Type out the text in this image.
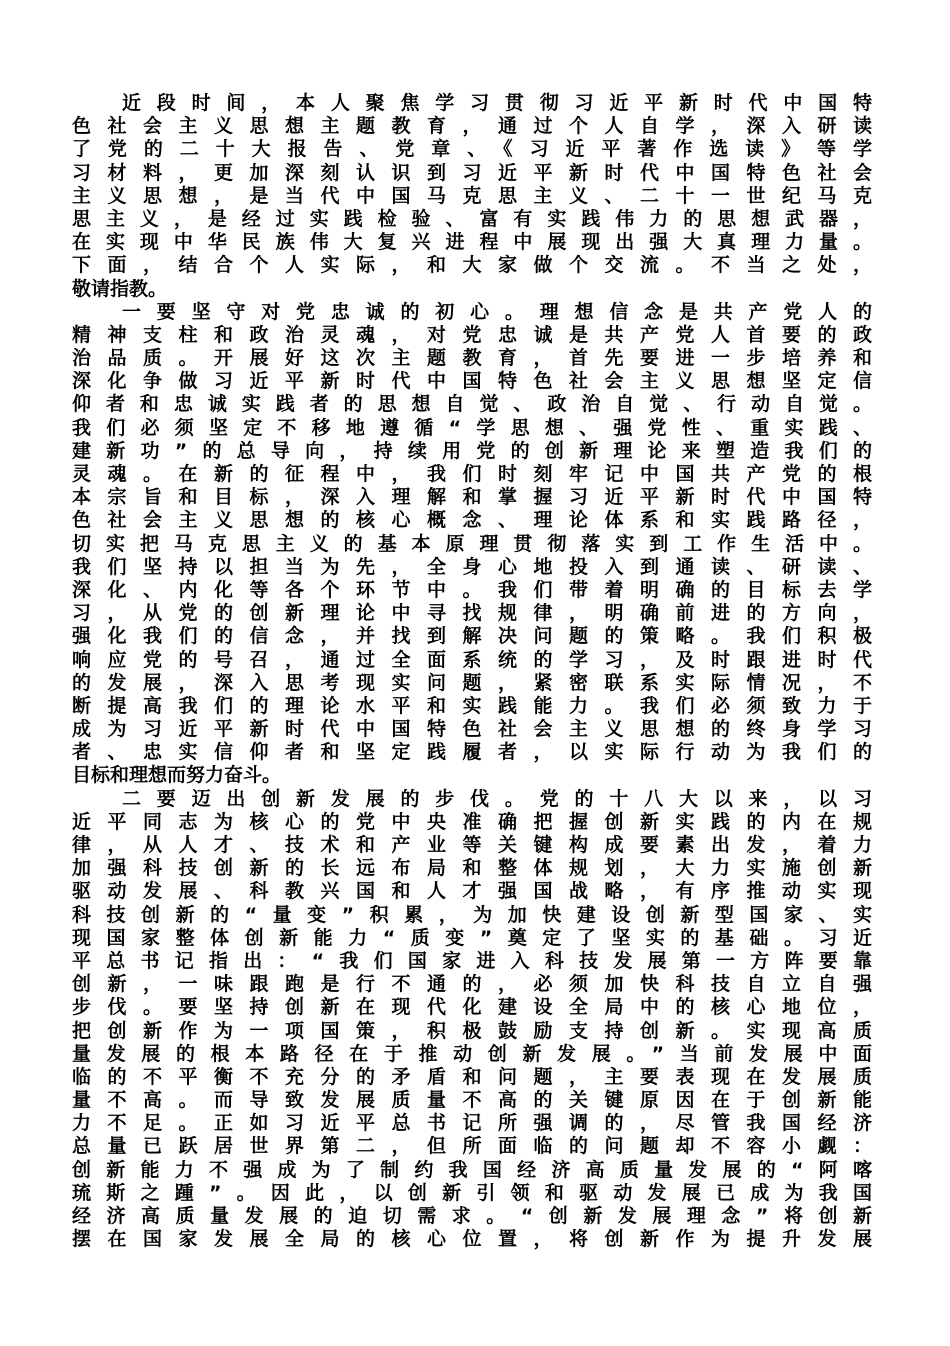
近段时间，本人聚焦学习贯彻习近平新时代中国特
色社会主义思想主题教育，通过个人自学，深入研读
了党的二十大报告、党章、《习近平著作选读》等学
习材料，更加深刻认识到习近平新时代中国特色社会
主义思想，是当代中国马克思主义、二十一世纪马克
思主义，是经过实践检验、富有实践伟力的思想武器，
在实现中华民族伟大复兴进程中展现出强大真理力量。
下面，结合个人实际，和大家做个交流。不当之处，
敬请指教。
一要坚守对党忠诚的初心。理想信念是共产党人的
精神支柱和政治灵魂，对党忠诚是共产党人首要的政
治品质。开展好这次主题教育，首先要进一步培养和
深化争做习近平新时代中国特色社会主义思想坚定信
仰者和忠诚实践者的思想自觉、政治自觉、行动自觉。
我们必须坚定不移地遵循“学思想、强党性、重实践、
建新功”的总导向，持续用党的创新理论来塑造我们的
灵魂。在新的征程中，我们时刻牢记中国共产党的根
本宗旨和目标，深入理解和掌握习近平新时代中国特
色社会主义思想的核心概念、理论体系和实践路径，
切实把马克思主义的基本原理贯彻落实到工作生活中。
我们坚持以担当为先，全身心地投入到通读、研读、
深化、内化等各个环节中。我们带着明确的目标去学
习，从党的创新理论中寻找规律，明确前进的方向，
强化我们的信念，并找到解决问题的策略。我们积极
响应党的号召，通过全面系统的学习，及时跟进时代
的发展，深入思考现实问题，紧密联系实际情况，不
断提高我们的理论水平和实践能力。我们必须致力于
成为习近平新时代中国特色社会主义思想的终身学习
者、忠实信仰者和坚定践履者，以实际行动为我们的
目标和理想而努力奋斗。
二要迈出创新发展的步伐。党的十八大以来，以习
近平同志为核心的党中央准确把握创新实践的内在规
律，从人才、技术和产业等关键构成要素出发，着力
加强科技创新的长远布局和整体规划，大力实施创新
驱动发展、科教兴国和人才强国战略，有序推动实现
科技创新的“量变”积累，为加快建设创新型国家、实
现国家整体创新能力“质变”奠定了坚实的基础。习近
平总书记指出：“我们国家进入科技发展第一方阵要靠
创新，一味跟跑是行不通的，必须加快科技自立自强
步伐。要坚持创新在现代化建设全局中的核心地位，
把创新作为一项国策，积极鼓励支持创新。实现高质
量发展的根本路径在于推动创新发展。”当前发展中面
临的不平衡不充分的矛盾和问题，主要表现在发展质
量不高。而导致发展质量不高的关键原因在于创新能
力不足。正如习近平总书记所强调的，尽管我国经济
总量已跃居世界第二，但所面临的问题却不容小觑：
创新能力不强成为了制约我国经济高质量发展的“阿喀
琉斯之踵”。因此，以创新引领和驱动发展已成为我国
经济高质量发展的迫切需求。“创新发展理念”将创新
摆在国家发展全局的核心位置，将创新作为提升发展
